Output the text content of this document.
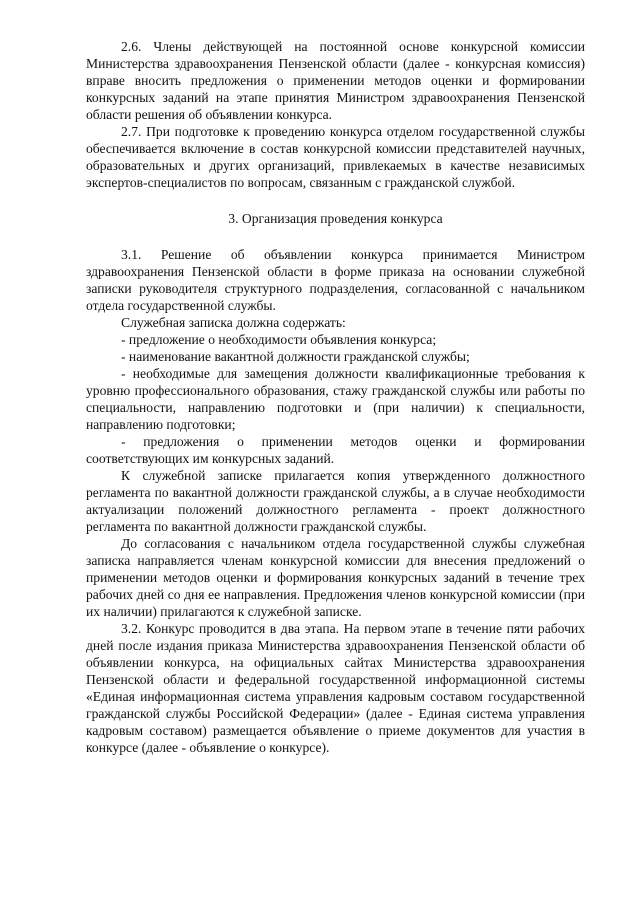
2.6. Члены действующей на постоянной основе конкурсной комиссии Министерства здравоохранения Пензенской области (далее - конкурсная комиссия) вправе вносить предложения о применении методов оценки и формировании конкурсных заданий на этапе принятия Министром здравоохранения Пензенской области решения об объявлении конкурса.

2.7. При подготовке к проведению конкурса отделом государственной службы обеспечивается включение в состав конкурсной комиссии представителей научных, образовательных и других организаций, привлекаемых в качестве независимых экспертов-специалистов по вопросам, связанным с гражданской службой.

3. Организация проведения конкурса

3.1. Решение об объявлении конкурса принимается Министром здравоохранения Пензенской области в форме приказа на основании служебной записки руководителя структурного подразделения, согласованной с начальником отдела государственной службы.

Служебная записка должна содержать:

- предложение о необходимости объявления конкурса;

- наименование вакантной должности гражданской службы;

- необходимые для замещения должности квалификационные требования к уровню профессионального образования, стажу гражданской службы или работы по специальности, направлению подготовки и (при наличии) к специальности, направлению подготовки;

- предложения о применении методов оценки и формировании соответствующих им конкурсных заданий.

К служебной записке прилагается копия утвержденного должностного регламента по вакантной должности гражданской службы, а в случае необходимости актуализации положений должностного регламента - проект должностного регламента по вакантной должности гражданской службы.

До согласования с начальником отдела государственной службы служебная записка направляется членам конкурсной комиссии для внесения предложений о применении методов оценки и формирования конкурсных заданий в течение трех рабочих дней со дня ее направления. Предложения членов конкурсной комиссии (при их наличии) прилагаются к служебной записке.

3.2. Конкурс проводится в два этапа. На первом этапе в течение пяти рабочих дней после издания приказа Министерства здравоохранения Пензенской области об объявлении конкурса, на официальных сайтах Министерства здравоохранения Пензенской области и федеральной государственной информационной системы «Единая информационная система управления кадровым составом государственной гражданской службы Российской Федерации» (далее - Единая система управления кадровым составом) размещается объявление о приеме документов для участия в конкурсе (далее - объявление о конкурсе).
